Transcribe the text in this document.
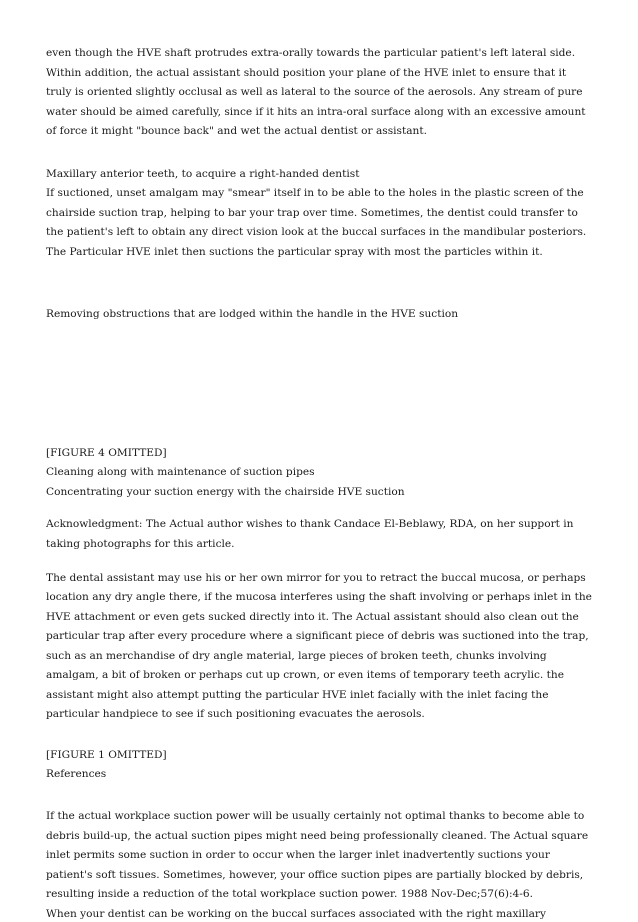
even though the HVE shaft protrudes extra-orally towards the particular patient's left lateral side.
Within addition, the actual assistant should position your plane of the HVE inlet to ensure that it
truly is oriented slightly occlusal as well as lateral to the source of the aerosols. Any stream of pure
water should be aimed carefully, since if it hits an intra-oral surface along with an excessive amount
of force it might "bounce back" and wet the actual dentist or assistant.
Maxillary anterior teeth, to acquire a right-handed dentist
If suctioned, unset amalgam may "smear" itself in to be able to the holes in the plastic screen of the
chairside suction trap, helping to bar your trap over time. Sometimes, the dentist could transfer to
the patient's left to obtain any direct vision look at the buccal surfaces in the mandibular posteriors.
The Particular HVE inlet then suctions the particular spray with most the particles within it.
Removing obstructions that are lodged within the handle in the HVE suction
[FIGURE 4 OMITTED]
Cleaning along with maintenance of suction pipes
Concentrating your suction energy with the chairside HVE suction
Acknowledgment: The Actual author wishes to thank Candace El-Beblawy, RDA, on her support in
taking photographs for this article.
The dental assistant may use his or her own mirror for you to retract the buccal mucosa, or perhaps
location any dry angle there, if the mucosa interferes using the shaft involving or perhaps inlet in the
HVE attachment or even gets sucked directly into it. The Actual assistant should also clean out the
particular trap after every procedure where a significant piece of debris was suctioned into the trap,
such as an merchandise of dry angle material, large pieces of broken teeth, chunks involving
amalgam, a bit of broken or perhaps cut up crown, or even items of temporary teeth acrylic. the
assistant might also attempt putting the particular HVE inlet facially with the inlet facing the
particular handpiece to see if such positioning evacuates the aerosols.
[FIGURE 1 OMITTED]
References
If the actual workplace suction power will be usually certainly not optimal thanks to become able to
debris build-up, the actual suction pipes might need being professionally cleaned. The Actual square
inlet permits some suction in order to occur when the larger inlet inadvertently suctions your
patient's soft tissues. Sometimes, however, your office suction pipes are partially blocked by debris,
resulting inside a reduction of the total workplace suction power. 1988 Nov-Dec;57(6):4-6.
When your dentist can be working on the buccal surfaces associated with the right maxillary
